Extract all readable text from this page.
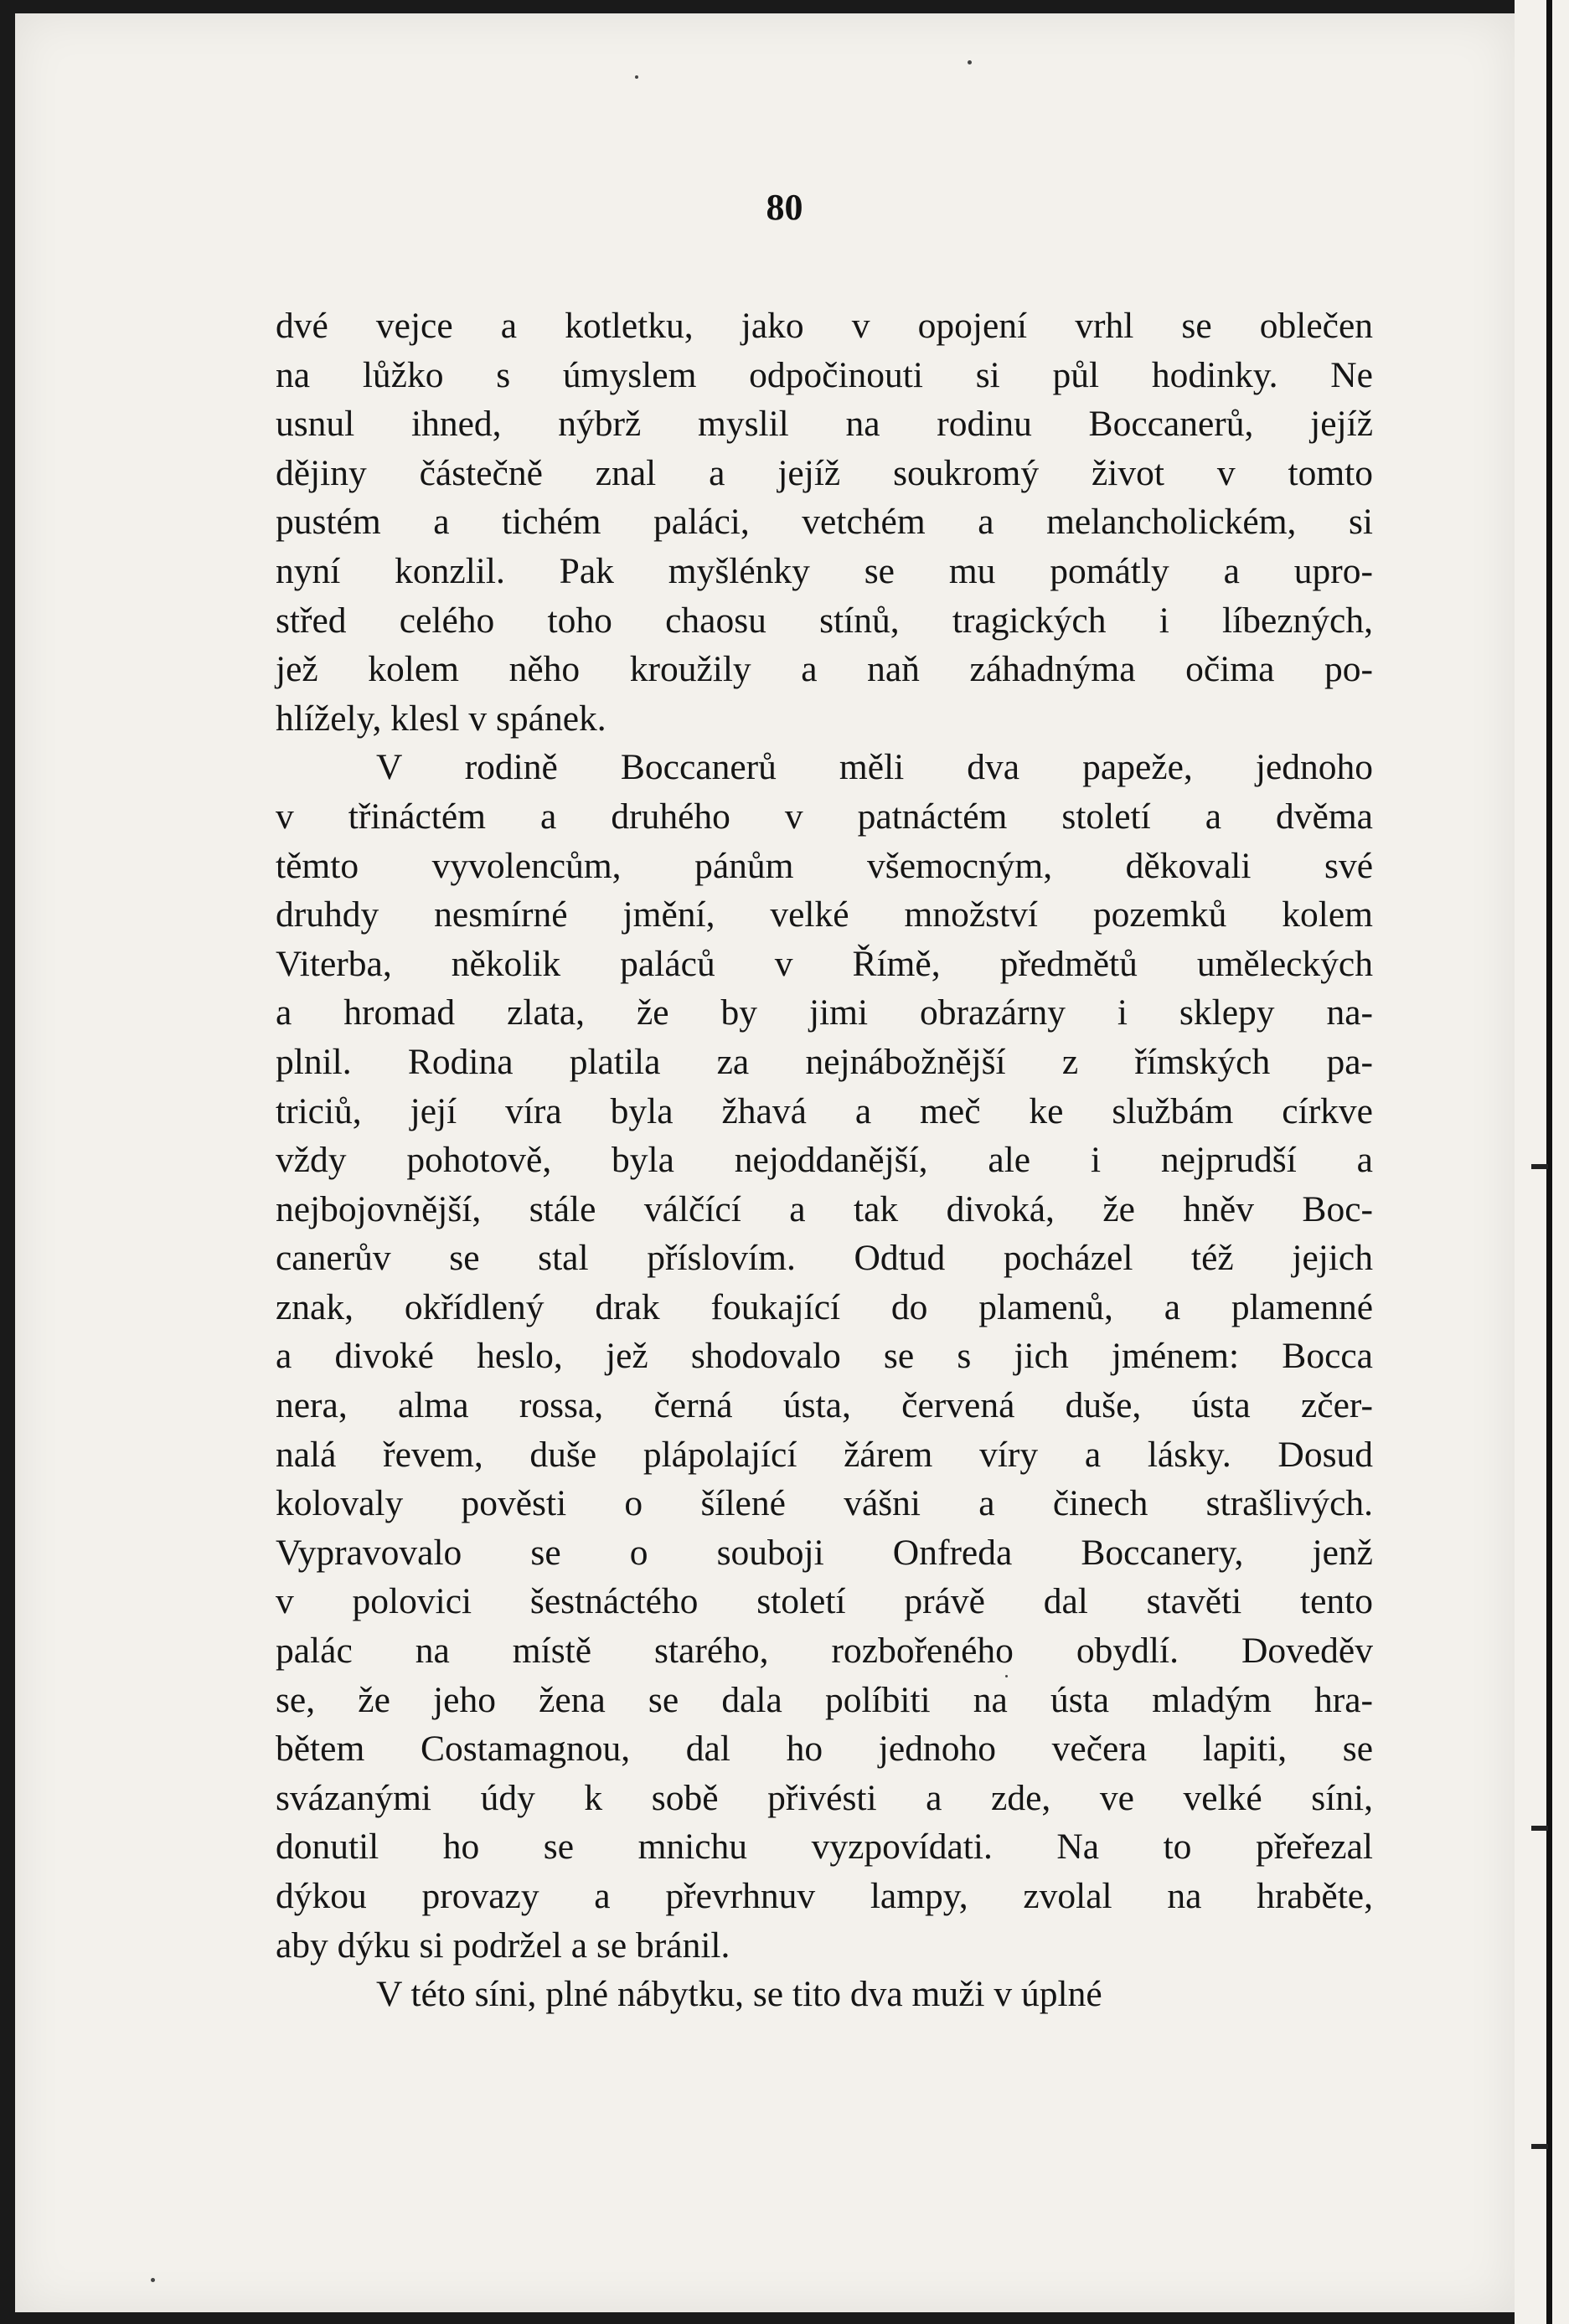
80
dvé vejce a kotletku, jako v opojení vrhl se oblečen
na lůžko s úmyslem odpočinouti si půl hodinky. Ne
usnul ihned, nýbrž myslil na rodinu Boccanerů, jejíž
dějiny částečně znal a jejíž soukromý život v tomto
pustém a tichém paláci, vetchém a melancholickém, si
nyní konzlil. Pak myšlénky se mu pomátly a upro-
střed celého toho chaosu stínů, tragických i líbezných,
jež kolem něho kroužily a naň záhadnýma očima po-
hlížely, klesl v spánek.
V rodině Boccanerů měli dva papeže, jednoho
v třináctém a druhého v patnáctém století a dvěma
těmto vyvolencům, pánům všemocným, děkovali své
druhdy nesmírné jmění, velké množství pozemků kolem
Viterba, několik paláců v Římě, předmětů uměleckých
a hromad zlata, že by jimi obrazárny i sklepy na-
plnil. Rodina platila za nejnábožnější z římských pa-
triciů, její víra byla žhavá a meč ke službám církve
vždy pohotově, byla nejoddanější, ale i nejprudší a
nejbojovnější, stále válčící a tak divoká, že hněv Boc-
canerův se stal příslovím. Odtud pocházel též jejich
znak, okřídlený drak foukající do plamenů, a plamenné
a divoké heslo, jež shodovalo se s jich jménem: Bocca
nera, alma rossa, černá ústa, červená duše, ústa zčer-
nalá řevem, duše plápolající žárem víry a lásky. Dosud
kolovaly pověsti o šílené vášni a činech strašlivých.
Vypravovalo se o souboji Onfreda Boccanery, jenž
v polovici šestnáctého století právě dal stavěti tento
palác na místě starého, rozbořeného obydlí. Doveděv
se, že jeho žena se dala políbiti na ústa mladým hra-
bětem Costamagnou, dal ho jednoho večera lapiti, se
svázanými údy k sobě přivésti a zde, ve velké síni,
donutil ho se mnichu vyzpovídati. Na to přeřezal
dýkou provazy a převrhnuv lampy, zvolal na hraběte,
aby dýku si podržel a se bránil.
V této síni, plné nábytku, se tito dva muži v úplné
